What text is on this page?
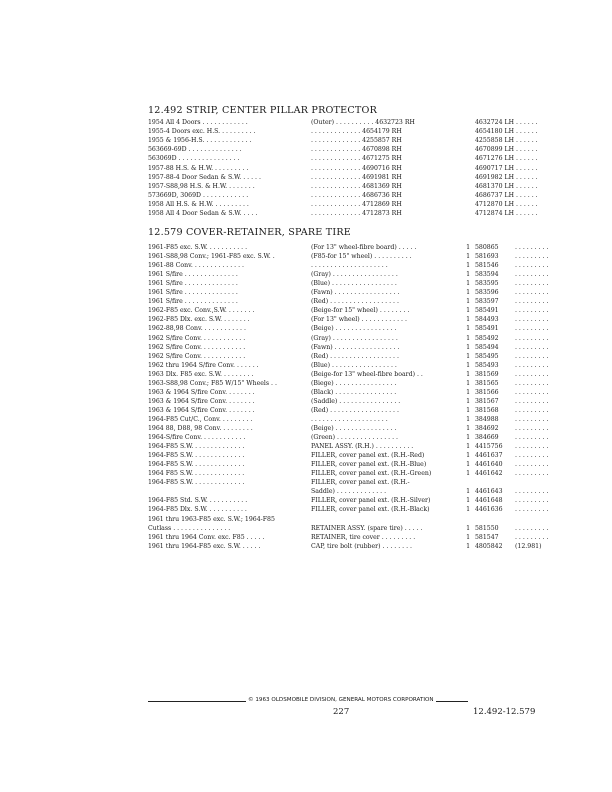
12.492 STRIP, CENTER PILLAR PROTECTOR
1954 All 4 Doors . . . . . . . . . . . .	(Outer) . . . . . . . . . . 4632723 RH	4632724 LH . . . . . .
1955-4 Doors exc. H.S. . . . . . . . . .	. . . . . . . . . . . . . 4654179 RH	4654180 LH . . . . . .
1955 & 1956-H.S. . . . . . . . . . . . .	. . . . . . . . . . . . . 4255857 RH	4255858 LH . . . . . .
563669-69D . . . . . . . . . . . . . .	. . . . . . . . . . . . . 4670898 RH	4670899 LH . . . . . .
563069D . . . . . . . . . . . . . . . .	. . . . . . . . . . . . . 4671275 RH	4671276 LH . . . . . .
1957-88 H.S. & H.W. . . . . . . . . .	. . . . . . . . . . . . . 4690716 RH	4690717 LH . . . . . .
1957-88-4 Door Sedan & S.W. . . . . .	. . . . . . . . . . . . . 4691981 RH	4691982 LH . . . . . .
1957-S88,98 H.S. & H.W. . . . . . . .	. . . . . . . . . . . . . 4681369 RH	4681370 LH . . . . . .
573669D, 3069D . . . . . . . . . . . .	. . . . . . . . . . . . . 4686736 RH	4686737 LH . . . . . .
1958 All H.S. & H.W. . . . . . . . . .	. . . . . . . . . . . . . 4712869 RH	4712870 LH . . . . . .
1958 All 4 Door Sedan & S.W. . . . .	. . . . . . . . . . . . . 4712873 RH	4712874 LH . . . . . .
12.579 COVER-RETAINER, SPARE TIRE
1961-F85 exc. S.W. . . . . . . . . . .	(For 13" wheel-fibre board) . . . . .	1 580865	. . . . . . . . .
1961-S88,98 Conv.; 1961-F85 exc. S.W. .	(F85-for 15" wheel) . . . . . . . . . .	1 581693	. . . . . . . . .
1961-88 Conv. . . . . . . . . . . . . .	. . . . . . . . . . . . . . . . . . . .	1 581546	. . . . . . . . .
1961 S/fire . . . . . . . . . . . . . .	(Gray) . . . . . . . . . . . . . . . . .	1 583594	. . . . . . . . .
1961 S/fire . . . . . . . . . . . . . .	(Blue) . . . . . . . . . . . . . . . . .	1 583595	. . . . . . . . .
1961 S/fire . . . . . . . . . . . . . .	(Fawn) . . . . . . . . . . . . . . . . .	1 583596	. . . . . . . . .
1961 S/fire . . . . . . . . . . . . . .	(Red) . . . . . . . . . . . . . . . . . .	1 583597	. . . . . . . . .
1962-F85 exc. Conv.,S.W. . . . . . . .	(Beige-for 15" wheel) . . . . . . . .	1 585491	. . . . . . . . .
1962-F85 Dlx. exc. S.W. . . . . . . .	(For 13" wheel) . . . . . . . . . . . .	1 584493	. . . . . . . . .
1962-88,98 Conv. . . . . . . . . . . .	(Beige) . . . . . . . . . . . . . . . .	1 585491	. . . . . . . . .
1962 S/fire Conv. . . . . . . . . . . .	(Gray) . . . . . . . . . . . . . . . . .	1 585492	. . . . . . . . .
1962 S/fire Conv. . . . . . . . . . . .	(Fawn) . . . . . . . . . . . . . . . . .	1 585494	. . . . . . . . .
1962 S/fire Conv. . . . . . . . . . . .	(Red) . . . . . . . . . . . . . . . . . .	1 585495	. . . . . . . . .
1962 thru 1964 S/fire Conv. . . . . . .	(Blue) . . . . . . . . . . . . . . . . .	1 585493	. . . . . . . . .
1963 Dlx. F85 exc. S.W. . . . . . . . .	(Beige-for 13" wheel-fibre board) . .	1 381569	. . . . . . . . .
1963-S88,98 Conv.; F85 W/15" Wheels . .	(Biege) . . . . . . . . . . . . . . . .	1 381565	. . . . . . . . .
1963 & 1964 S/fire Conv. . . . . . . .	(Black) . . . . . . . . . . . . . . . .	1 381566	. . . . . . . . .
1963 & 1964 S/fire Conv. . . . . . . .	(Saddle) . . . . . . . . . . . . . . . .	1 381567	. . . . . . . . .
1963 & 1964 S/fire Conv. . . . . . . .	(Red) . . . . . . . . . . . . . . . . . .	1 381568	. . . . . . . . .
1964-F85 Cut/C., Conv. . . . . . . . .	. . . . . . . . . . . . . . . . . . . .	1 384988	. . . . . . . . .
1964 88, D88, 98 Conv. . . . . . . . .	(Beige) . . . . . . . . . . . . . . . .	1 384692	. . . . . . . . .
1964-S/fire Conv. . . . . . . . . . . .	(Green) . . . . . . . . . . . . . . . .	1 384669	. . . . . . . . .
1964-F85 S.W. . . . . . . . . . . . . .	PANEL ASSY. (R.H.) . . . . . . . . . .	1 4415756	. . . . . . . . .
1964-F85 S.W. . . . . . . . . . . . . .	FILLER, cover panel ext. (R.H.-Red)	1 4461637	. . . . . . . . .
1964-F85 S.W. . . . . . . . . . . . . .	FILLER, cover panel ext. (R.H.-Blue)	1 4461640	. . . . . . . . .
1964 F85 S.W. . . . . . . . . . . . . .	FILLER, cover panel ext. (R.H.-Green)	1 4461642	. . . . . . . . .
1964-F85 S.W. . . . . . . . . . . . . .	FILLER, cover panel ext. (R.H.-
Saddle) . . . . . . . . . . . . .	1 4461643	. . . . . . . . .
1964-F85 Std. S.W. . . . . . . . . . .	FILLER, cover panel ext. (R.H.-Silver)	1 4461648	. . . . . . . . .
1964-F85 Dlx. S.W. . . . . . . . . . .	FILLER, cover panel ext. (R.H.-Black)	1 4461636	. . . . . . . . .
1961 thru 1963-F85 exc. S.W.; 1964-F85
Cutlass . . . . . . . . . . . . . . .	RETAINER ASSY. (spare tire) . . . . .	1 581550	. . . . . . . . .
1961 thru 1964 Conv. exc. F85 . . . . .	RETAINER, tire cover . . . . . . . . .	1 581547	. . . . . . . . .
1961 thru 1964-F85 exc. S.W. . . . . .	CAP, tire bolt (rubber) . . . . . . . .	1 4805842	(12.981)
© 1963 OLDSMOBILE DIVISION, GENERAL MOTORS CORPORATION
227	12.492-12.579
